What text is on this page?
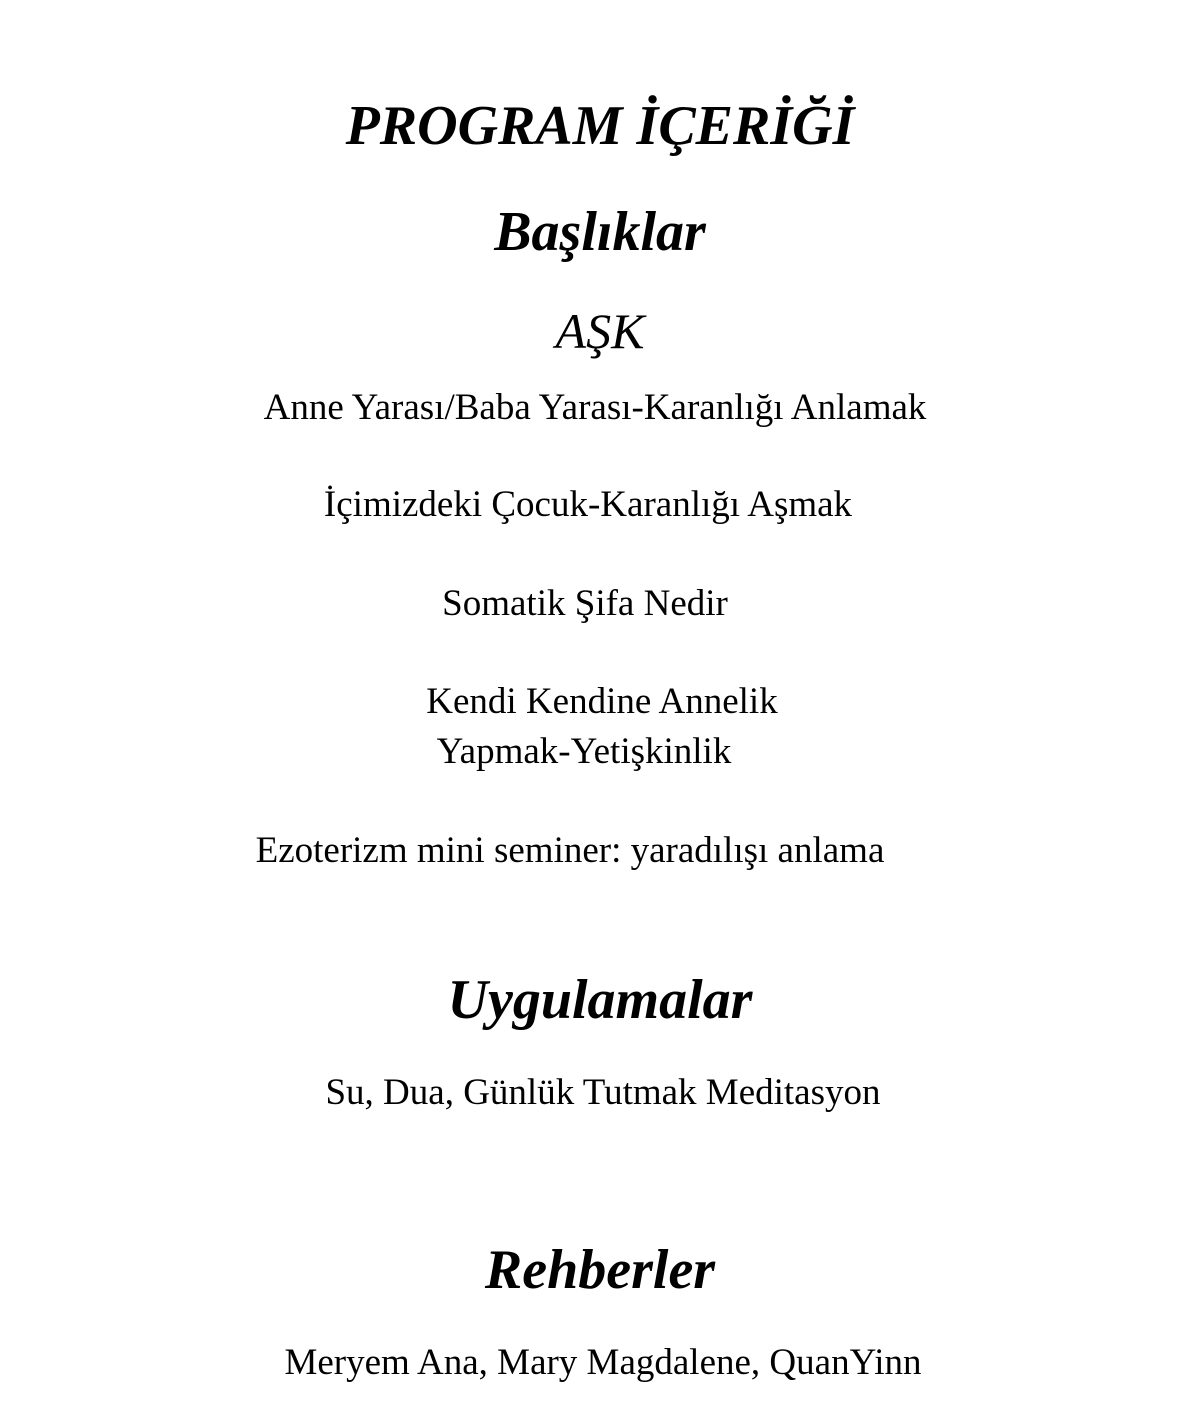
PROGRAM İÇERİĞİ
Başlıklar
AŞK
Anne Yarası/Baba Yarası-Karanlığı Anlamak
İçimizdeki Çocuk-Karanlığı Aşmak
Somatik Şifa Nedir
Kendi Kendine Annelik
Yapmak-Yetişkinlik
Ezoterizm mini seminer: yaradılışı anlama
Uygulamalar
Su, Dua, Günlük Tutmak Meditasyon
Rehberler
Meryem Ana, Mary Magdalene, QuanYinn
